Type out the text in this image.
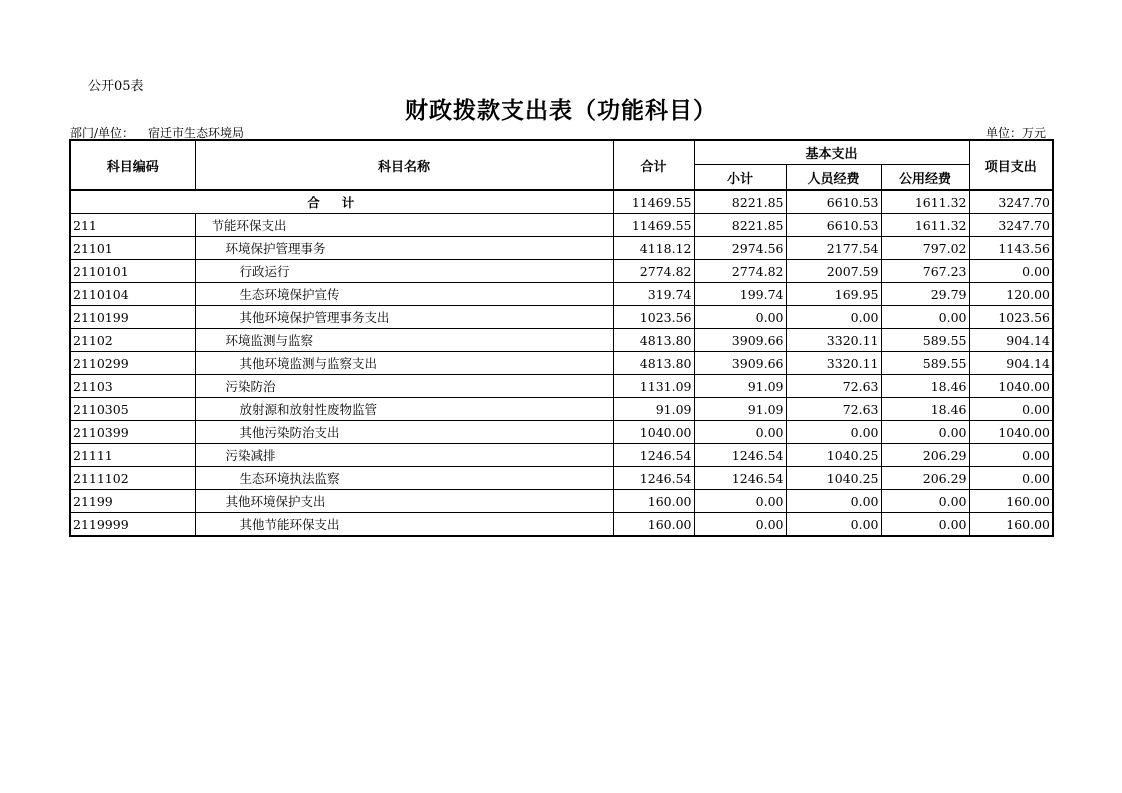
公开05表
财政拨款支出表（功能科目）
部门/单位： 宿迁市生态环境局	单位：万元
科目编码	科目名称	合计	基本支出			项目支出
			小计	人员经费	公用经费	
合计		11469.55	8221.85	6610.53	1611.32	3247.70
211	节能环保支出	11469.55	8221.85	6610.53	1611.32	3247.70
21101	环境保护管理事务	4118.12	2974.56	2177.54	797.02	1143.56
2110101	行政运行	2774.82	2774.82	2007.59	767.23	0.00
2110104	生态环境保护宣传	319.74	199.74	169.95	29.79	120.00
2110199	其他环境保护管理事务支出	1023.56	0.00	0.00	0.00	1023.56
21102	环境监测与监察	4813.80	3909.66	3320.11	589.55	904.14
2110299	其他环境监测与监察支出	4813.80	3909.66	3320.11	589.55	904.14
21103	污染防治	1131.09	91.09	72.63	18.46	1040.00
2110305	放射源和放射性废物监管	91.09	91.09	72.63	18.46	0.00
2110399	其他污染防治支出	1040.00	0.00	0.00	0.00	1040.00
21111	污染减排	1246.54	1246.54	1040.25	206.29	0.00
2111102	生态环境执法监察	1246.54	1246.54	1040.25	206.29	0.00
21199	其他环境保护支出	160.00	0.00	0.00	0.00	160.00
2119999	其他节能环保支出	160.00	0.00	0.00	0.00	160.00
